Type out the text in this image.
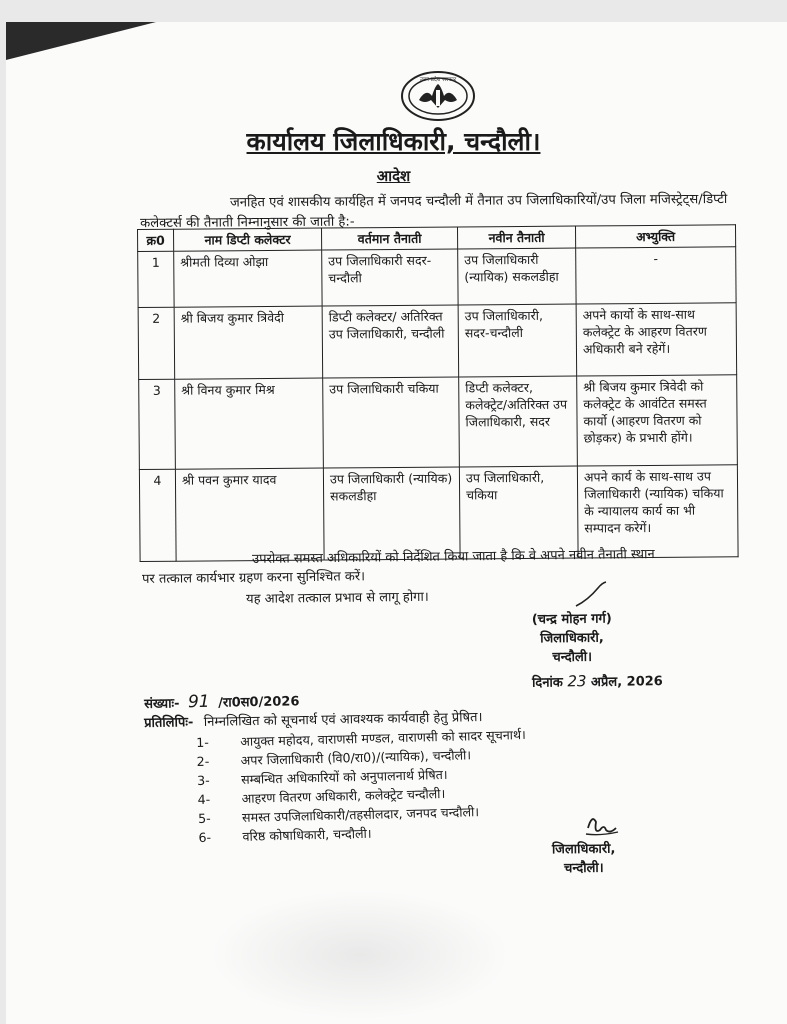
उत्तर प्रदेश सरकार
कार्यालय जिलाधिकारी, चन्दौली।
आदेश
जनहित एवं शासकीय कार्यहित में जनपद चन्दौली में तैनात उप जिलाधिकारियों/उप जिला मजिस्ट्रेट्स/डिप्टी कलेक्टर्स की तैनाती निम्नानुसार की जाती है:-
क्र0	नाम डिप्टी कलेक्टर	वर्तमान तैनाती	नवीन तैनाती	अभ्युक्ति
1	श्रीमती दिव्या ओझा	उप जिलाधिकारी सदर-चन्दौली	उप जिलाधिकारी (न्यायिक) सकलडीहा	-
2	श्री बिजय कुमार त्रिवेदी	डिप्टी कलेक्टर/ अतिरिक्त उप जिलाधिकारी, चन्दौली	उप जिलाधिकारी, सदर-चन्दौली	अपने कार्यो के साथ-साथ कलेक्ट्रेट के आहरण वितरण अधिकारी बने रहेगें।
3	श्री विनय कुमार मिश्र	उप जिलाधिकारी चकिया	डिप्टी कलेक्टर, कलेक्ट्रेट/अतिरिक्त उप जिलाधिकारी, सदर	श्री बिजय कुमार त्रिवेदी को कलेक्ट्रेट के आवंटित समस्त कार्यो (आहरण वितरण को छोड़कर) के प्रभारी होंगे।
4	श्री पवन कुमार यादव	उप जिलाधिकारी (न्यायिक) सकलडीहा	उप जिलाधिकारी, चकिया	अपने कार्य के साथ-साथ उप जिलाधिकारी (न्यायिक) चकिया के न्यायालय कार्य का भी सम्पादन करेगें।
उपरोक्त समस्त अधिकारियों को निर्देशित किया जाता है कि वे अपने नवीन तैनाती स्थान
पर तत्काल कार्यभार ग्रहण करना सुनिश्चित करें।
यह आदेश तत्काल प्रभाव से लागू होगा।
(चन्द्र मोहन गर्ग)
जिलाधिकारी,
चन्दौली।
दिनांक 23 अप्रैल, 2026
संख्याः- 91 /रा0स0/2026
प्रतिलिपिः- निम्नलिखित को सूचनार्थ एवं आवश्यक कार्यवाही हेतु प्रेषित।
1-	आयुक्त महोदय, वाराणसी मण्डल, वाराणसी को सादर सूचनार्थ।
2-	अपर जिलाधिकारी (वि0/रा0)/(न्यायिक), चन्दौली।
3-	सम्बन्धित अधिकारियों को अनुपालनार्थ प्रेषित।
4-	आहरण वितरण अधिकारी, कलेक्ट्रेट चन्दौली।
5-	समस्त उपजिलाधिकारी/तहसीलदार, जनपद चन्दौली।
6-	वरिष्ठ कोषाधिकारी, चन्दौली।
जिलाधिकारी,
चन्दौली।
